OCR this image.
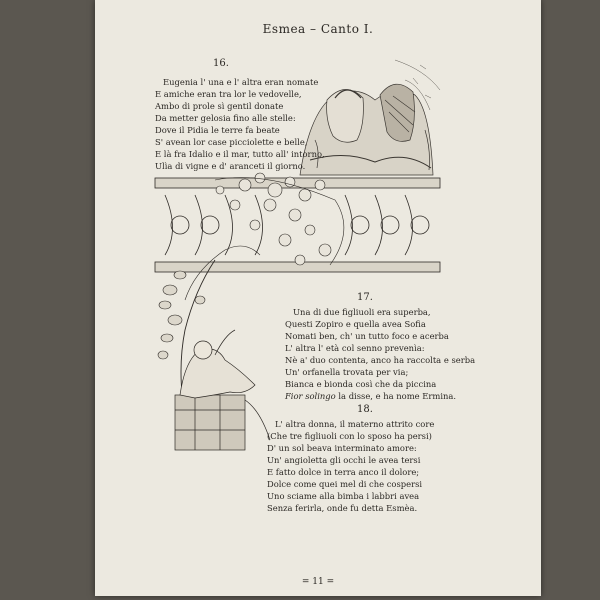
Esmea – Canto I.
16.
Eugenia l' una e l' altra eran nomate
E amiche eran tra lor le vedovelle,
Ambo di prole sì gentil donate
Da metter gelosia fino alle stelle:
Dove il Pidia le terre fa beate
S' avean lor case picciolette e belle,
E là fra Idalio e il mar, tutto all' intorno,
Ulìa di vigne e d' aranceti il giorno.
17.
Una di due figliuoli era superba,
Questi Zopiro e quella avea Sofia
Nomati ben, ch' un tutto foco e acerba
L' altra l' età col senno prevenìa:
Nè a' duo contenta, anco ha raccolta e serba
Un' orfanella trovata per via;
Bianca e bionda così che da piccina
Fior solingo la disse, e ha nome Ermina.
18.
L' altra donna, il materno attrito core
(Che tre figliuoli con lo sposo ha persi)
D' un sol beava interminato amore:
Un' angioletta gli occhi le avea tersi
E fatto dolce in terra anco il dolore;
Dolce come quei mel di che cospersi
Uno sciame alla bimba i labbri avea
Senza ferirla, onde fu detta Esmèa.
= 11 =
